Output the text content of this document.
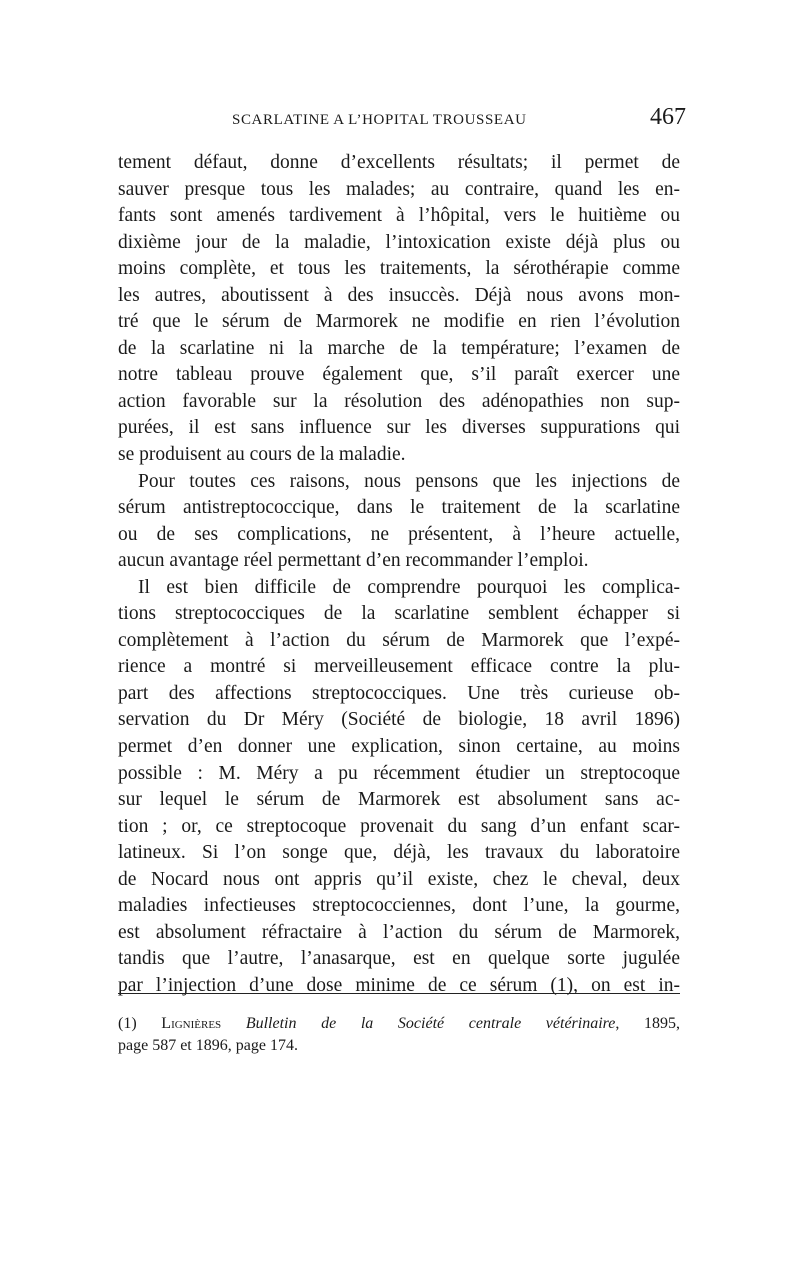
SCARLATINE A L’HOPITAL TROUSSEAU	467
tement défaut, donne d’excellents résultats; il permet de
sauver presque tous les malades; au contraire, quand les en-
fants sont amenés tardivement à l’hôpital, vers le huitième ou
dixième jour de la maladie, l’intoxication existe déjà plus ou
moins complète, et tous les traitements, la sérothérapie comme
les autres, aboutissent à des insuccès. Déjà nous avons mon-
tré que le sérum de Marmorek ne modifie en rien l’évolution
de la scarlatine ni la marche de la température; l’examen de
notre tableau prouve également que, s’il paraît exercer une
action favorable sur la résolution des adénopathies non sup-
purées, il est sans influence sur les diverses suppurations qui
se produisent au cours de la maladie.
Pour toutes ces raisons, nous pensons que les injections de
sérum antistreptococcique, dans le traitement de la scarlatine
ou de ses complications, ne présentent, à l’heure actuelle,
aucun avantage réel permettant d’en recommander l’emploi.
Il est bien difficile de comprendre pourquoi les complica-
tions streptococciques de la scarlatine semblent échapper si
complètement à l’action du sérum de Marmorek que l’expé-
rience a montré si merveilleusement efficace contre la plu-
part des affections streptococciques. Une très curieuse ob-
servation du Dr Méry (Société de biologie, 18 avril 1896)
permet d’en donner une explication, sinon certaine, au moins
possible : M. Méry a pu récemment étudier un streptocoque
sur lequel le sérum de Marmorek est absolument sans ac-
tion ; or, ce streptocoque provenait du sang d’un enfant scar-
latineux. Si l’on songe que, déjà, les travaux du laboratoire
de Nocard nous ont appris qu’il existe, chez le cheval, deux
maladies infectieuses streptococciennes, dont l’une, la gourme,
est absolument réfractaire à l’action du sérum de Marmorek,
tandis que l’autre, l’anasarque, est en quelque sorte jugulée
par l’injection d’une dose minime de ce sérum (1), on est in-
(1) Lignières Bulletin de la Société centrale vétérinaire, 1895,
page 587 et 1896, page 174.
